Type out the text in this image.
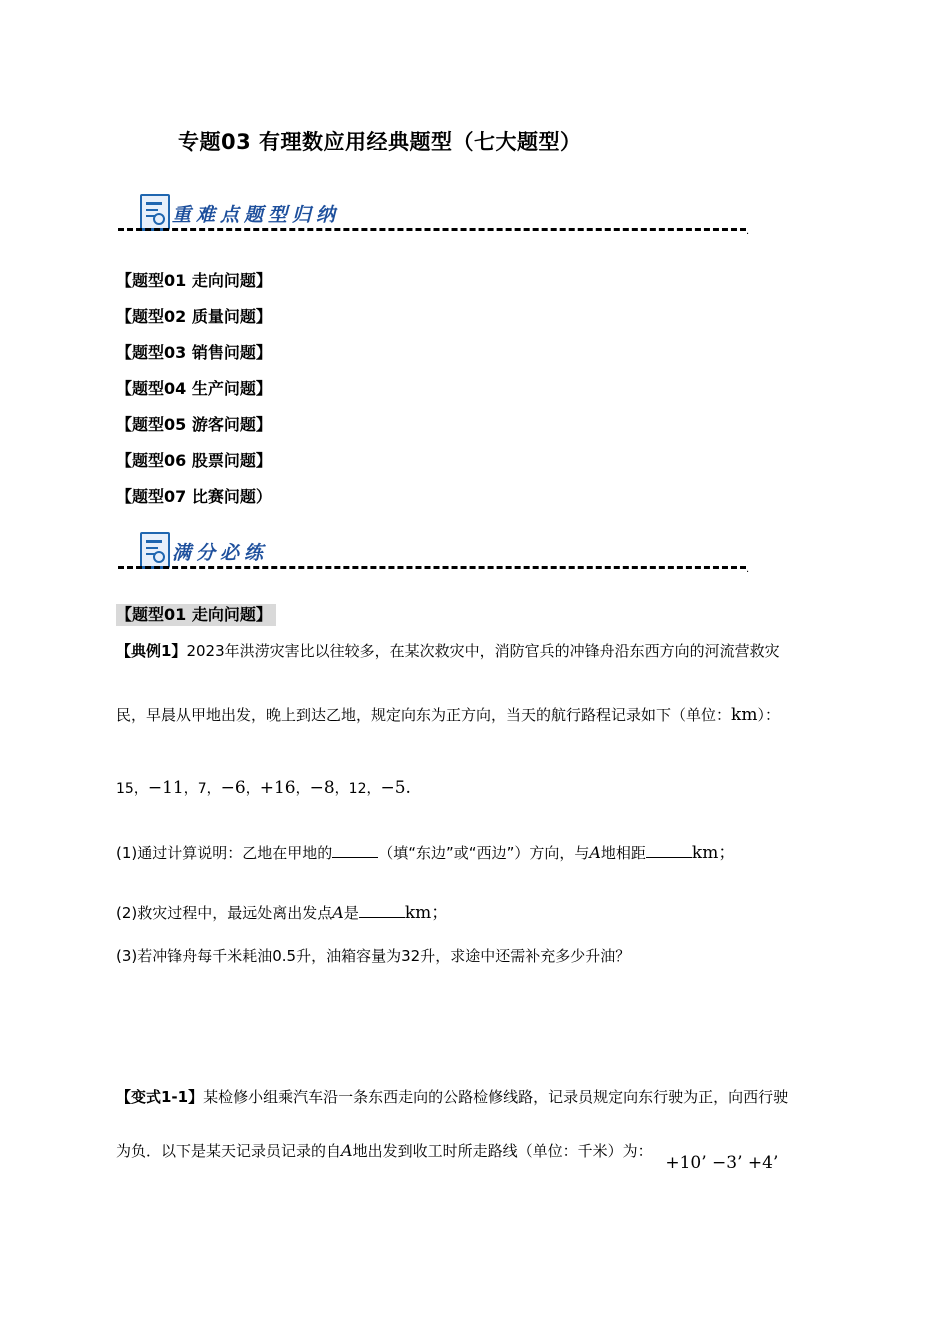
专题03 有理数应用经典题型（七大题型）
重难点题型归纳
.
【题型01 走向问题】
【题型02 质量问题】
【题型03 销售问题】
【题型04 生产问题】
【题型05 游客问题】
【题型06 股票问题】
【题型07 比赛问题）
满分必练
.
【题型01 走向问题】
【典例1】2023年洪涝灾害比以往较多，在某次救灾中，消防官兵的冲锋舟沿东西方向的河流营救灾
民，早晨从甲地出发，晚上到达乙地，规定向东为正方向，当天的航行路程记录如下（单位：km）：
15，−11，7，−6，+16，−8，12，−5.
(1)通过计算说明：乙地在甲地的	（填“东边”或“西边”）方向，与A地相距	km；
(2)救灾过程中，最远处离出发点A是	km；
(3)若冲锋舟每千米耗油0.5升，油箱容量为32升，求途中还需补充多少升油？
【变式1-1】某检修小组乘汽车沿一条东西走向的公路检修线路，记录员规定向东行驶为正，向西行驶
为负．以下是某天记录员记录的自A地出发到收工时所走路线（单位：千米）为： +10’ −3’ +4’
